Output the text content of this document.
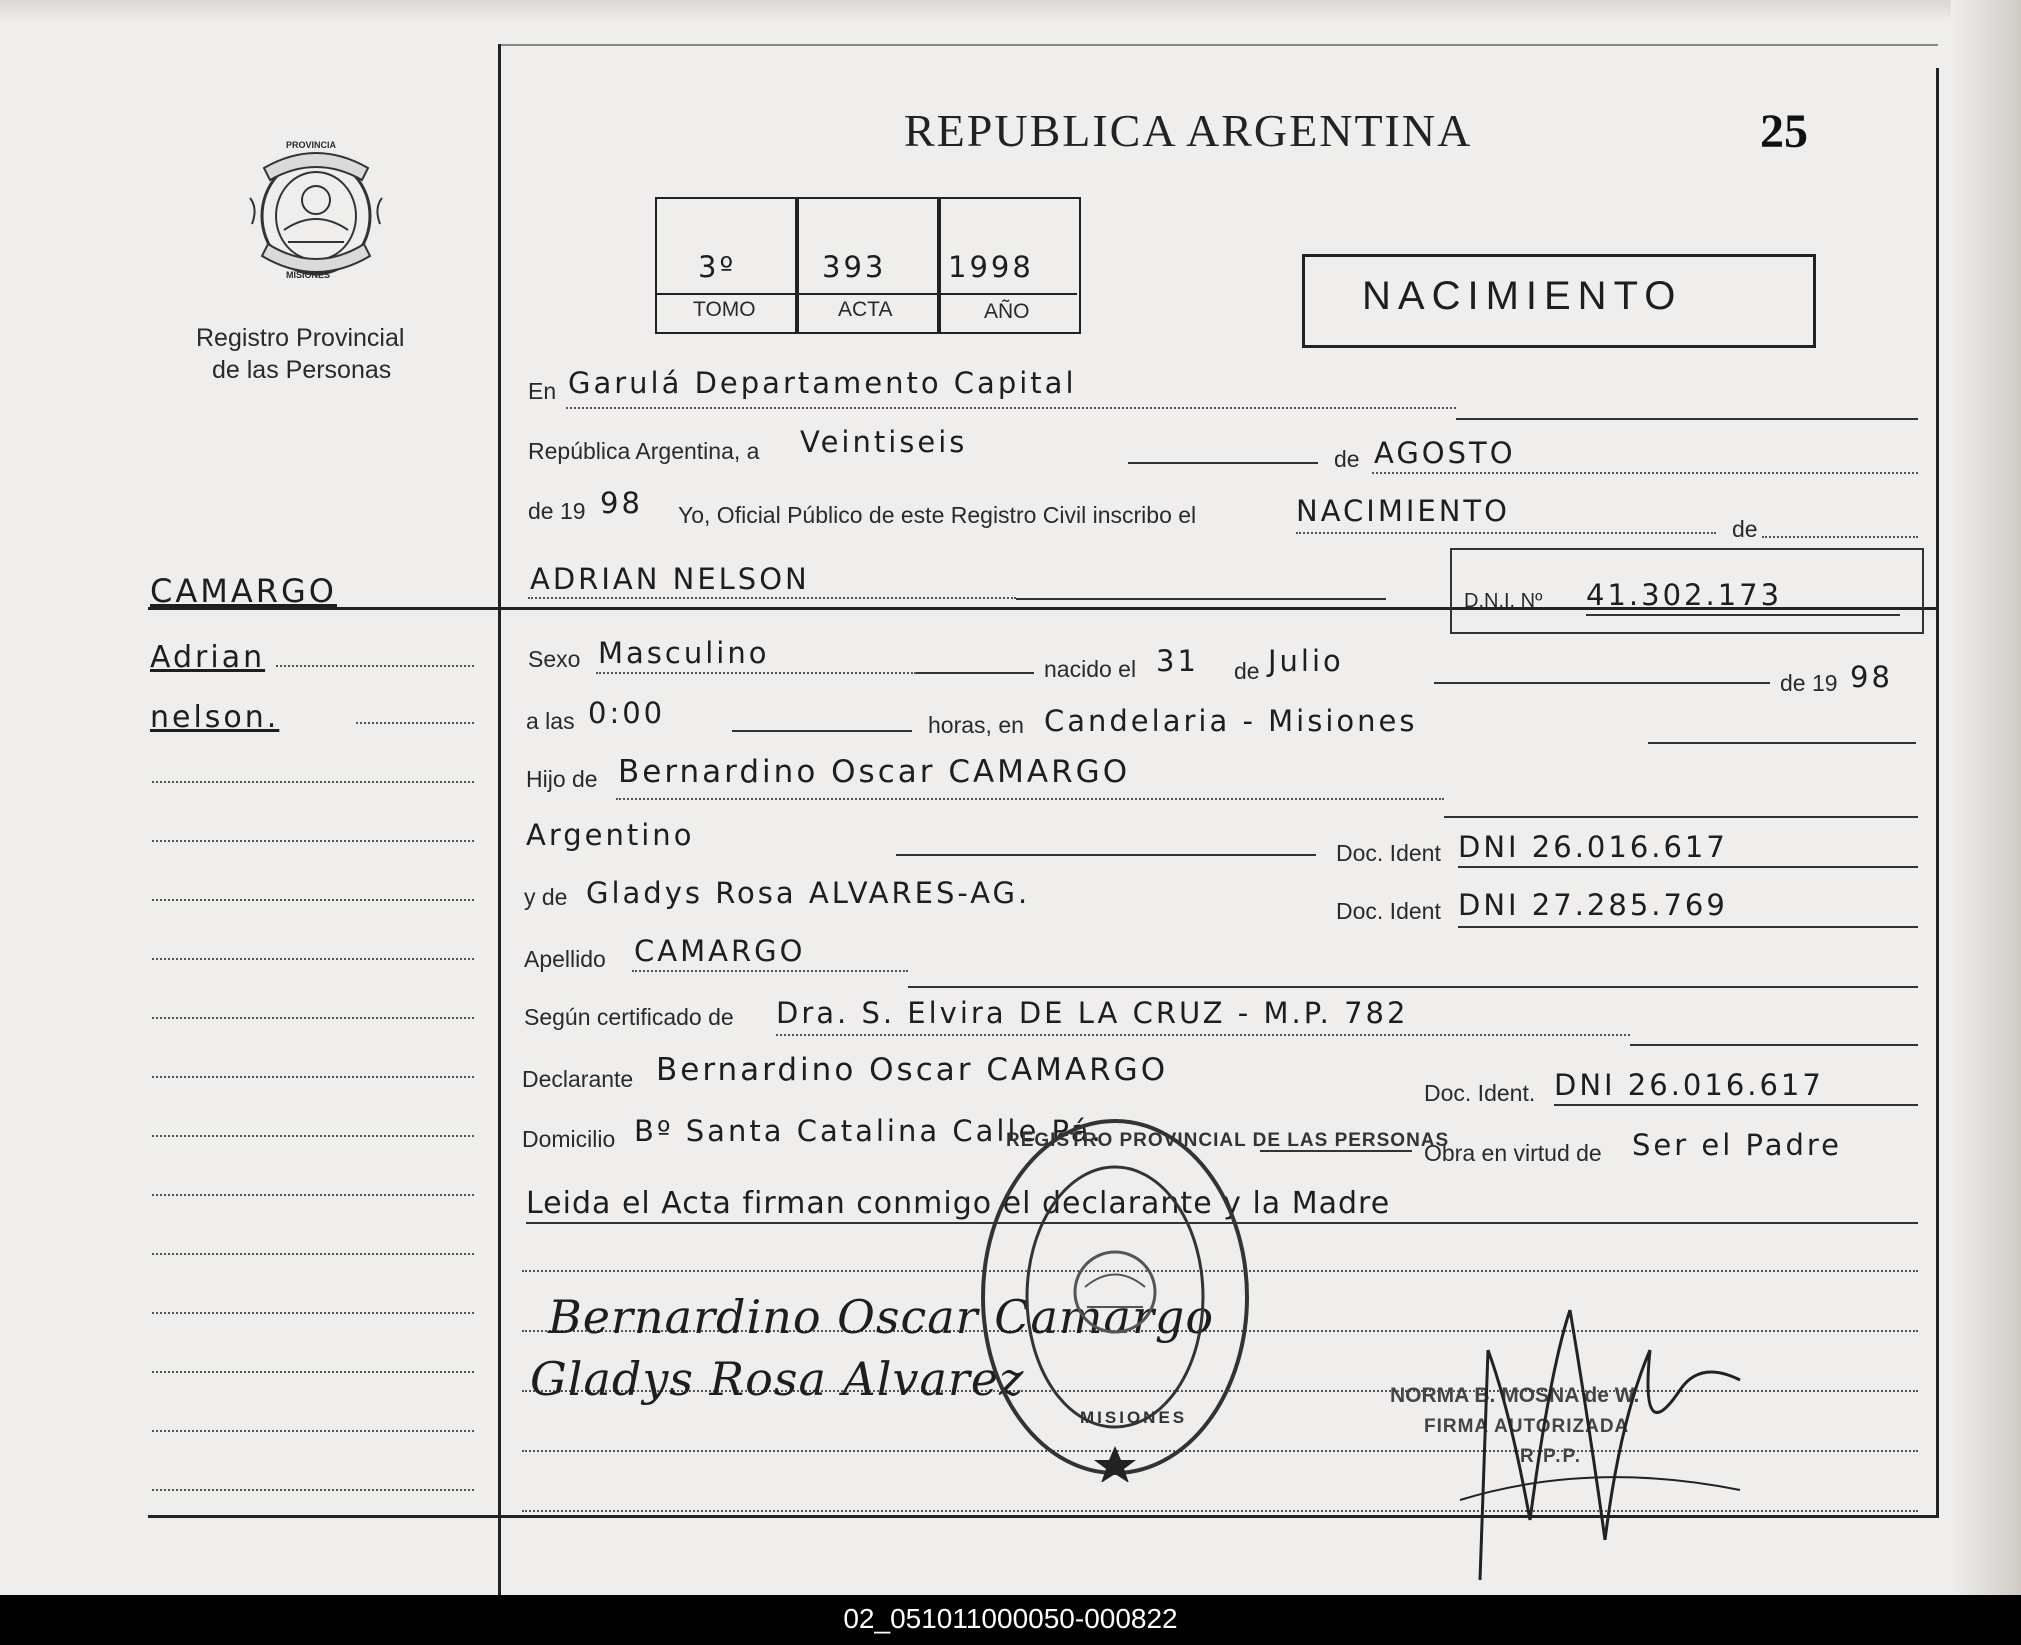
REPUBLICA ARGENTINA	25
PROVINCIA
MISIONES
Registro Provincial
de las Personas
3º	393 1998
TOMO	ACTA	AÑO	NACIMIENTO
CAMARGO
Adrian
nelson.
En Garulá Departamento Capital
República Argentina, a Veintiseis	de AGOSTO
de 19 98 Yo, Oficial Público de este Registro Civil inscribo el	NACIMIENTO
de
ADRIAN NELSON
D.N.I. Nº 41.302.173
Sexo Masculino	nacido el 31 de Julio
de 19 98
a las 0:00	horas, en Candelaria - Misiones
Hijo de Bernardino Oscar CAMARGO
Argentino
Doc. Ident DNI 26.016.617
y de Gladys Rosa ALVARES-AG.
Doc. Ident DNI 27.285.769
Apellido CAMARGO
Según certificado de Dra. S. Elvira DE LA CRUZ - M.P. 782
Declarante Bernardino Oscar CAMARGO
Doc. Ident. DNI 26.016.617
Domicilio Bº Santa Catalina Calle Pá.
Obra en virtud de Ser el Padre
Leida el Acta firman conmigo el declarante y la Madre
Bernardino Oscar Camargo
Gladys Rosa Alvarez
REGISTRO PROVINCIAL DE LAS PERSONAS
MISIONES
NORMA B. MOSNA de W.
FIRMA AUTORIZADA
R.P.P.
02_051011000050-000822
